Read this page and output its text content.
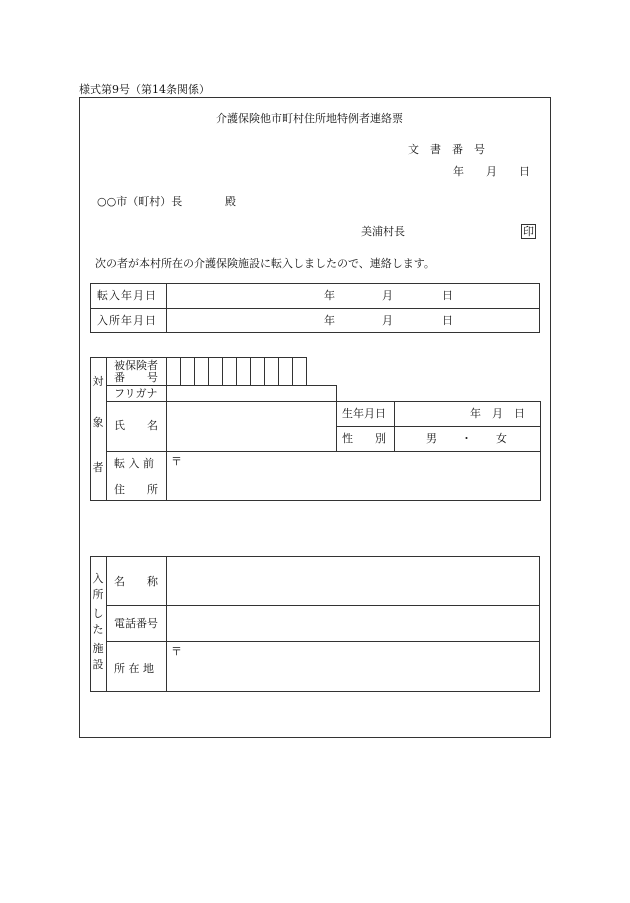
様式第9号（第14条関係）
介護保険他市町村住所地特例者連絡票
文　書　番　号
年　　月　　日
○○市（町村）長	殿
美浦村長	印
次の者が本村所在の介護保険施設に転入しましたので、連絡します。
転入年月日	年	月	日
入所年月日	年	月	日
対
象
者
被保険者
番　　号
フリガナ
氏　　名
生年月日	年　月　日
性　　別	男 ・ 女
転 入 前
住　　所
〒
入
所
し
た
施
設
名　　称
電話番号
所 在 地
〒
